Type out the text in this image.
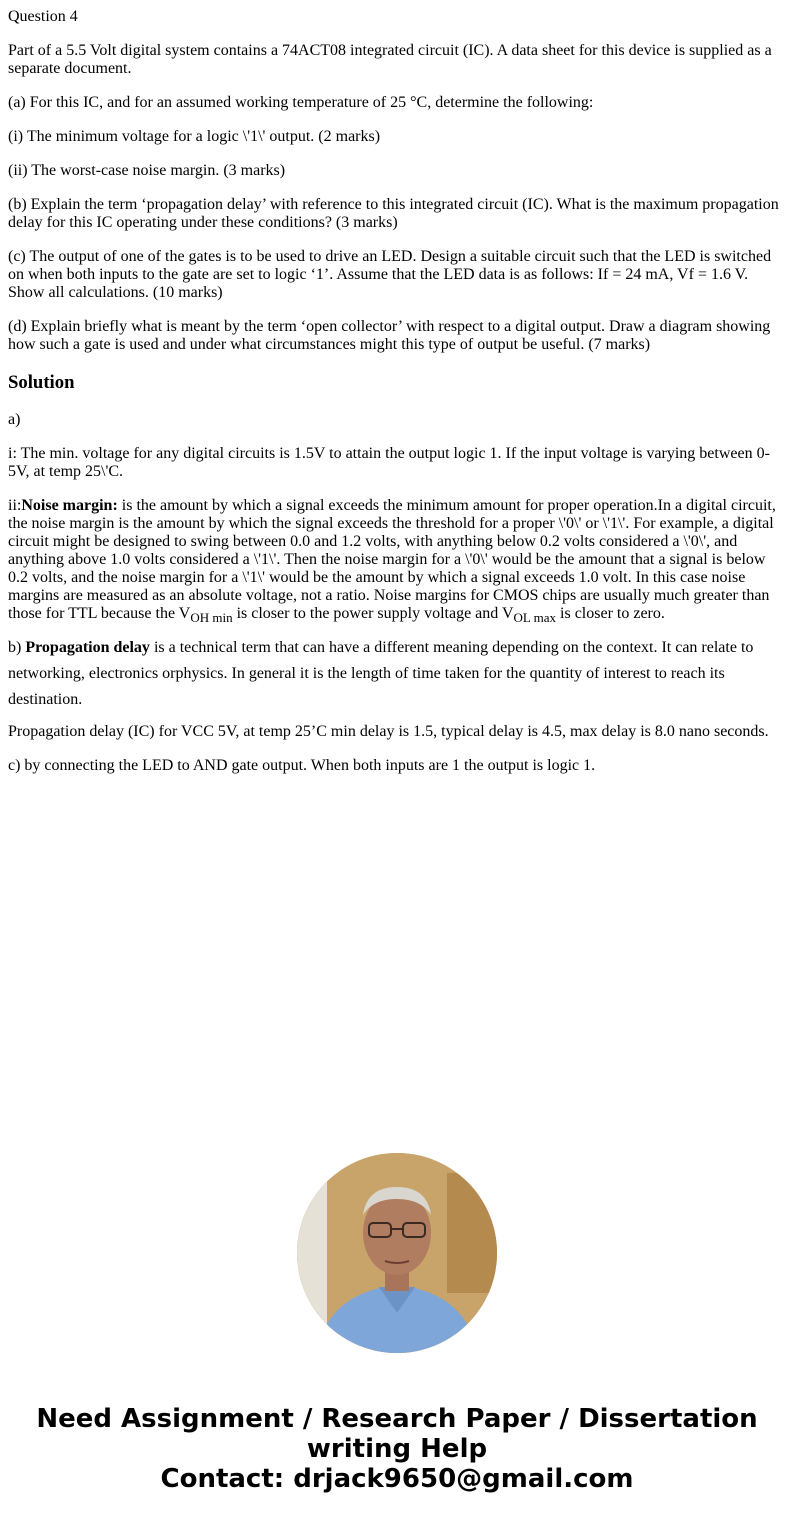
Question 4

Part of a 5.5 Volt digital system contains a 74ACT08 integrated circuit (IC). A data sheet for this device is supplied as a separate document.

(a) For this IC, and for an assumed working temperature of 25 °C, determine the following:

(i) The minimum voltage for a logic \'1\' output. (2 marks)

(ii) The worst-case noise margin. (3 marks)

(b) Explain the term ‘propagation delay’ with reference to this integrated circuit (IC). What is the maximum propagation delay for this IC operating under these conditions? (3 marks)

(c) The output of one of the gates is to be used to drive an LED. Design a suitable circuit such that the LED is switched on when both inputs to the gate are set to logic ‘1’. Assume that the LED data is as follows: If = 24 mA, Vf = 1.6 V. Show all calculations. (10 marks)

(d) Explain briefly what is meant by the term ‘open collector’ with respect to a digital output. Draw a diagram showing how such a gate is used and under what circumstances might this type of output be useful. (7 marks)

Solution

a)

i: The min. voltage for any digital circuits is 1.5V to attain the output logic 1. If the input voltage is varying between 0-5V, at temp 25\'C.

ii:Noise margin: is the amount by which a signal exceeds the minimum amount for proper operation.In a digital circuit, the noise margin is the amount by which the signal exceeds the threshold for a proper \'0\' or \'1\'. For example, a digital circuit might be designed to swing between 0.0 and 1.2 volts, with anything below 0.2 volts considered a \'0\', and anything above 1.0 volts considered a \'1\'. Then the noise margin for a \'0\' would be the amount that a signal is below 0.2 volts, and the noise margin for a \'1\' would be the amount by which a signal exceeds 1.0 volt. In this case noise margins are measured as an absolute voltage, not a ratio. Noise margins for CMOS chips are usually much greater than those for TTL because the $V_{OH min}$ is closer to the power supply voltage and $V_{OL max}$ is closer to zero.

b) Propagation delay is a technical term that can have a different meaning depending on the context. It can relate to networking, electronics orphysics. In general it is the length of time taken for the quantity of interest to reach its destination.

Propagation delay (IC) for VCC 5V, at temp 25’C min delay is 1.5, typical delay is 4.5, max delay is 8.0 nano seconds.

c) by connecting the LED to AND gate output. When both inputs are 1 the output is logic 1.

Need Assignment / Research Paper / Dissertation
writing Help
Contact: drjack9650@gmail.com
